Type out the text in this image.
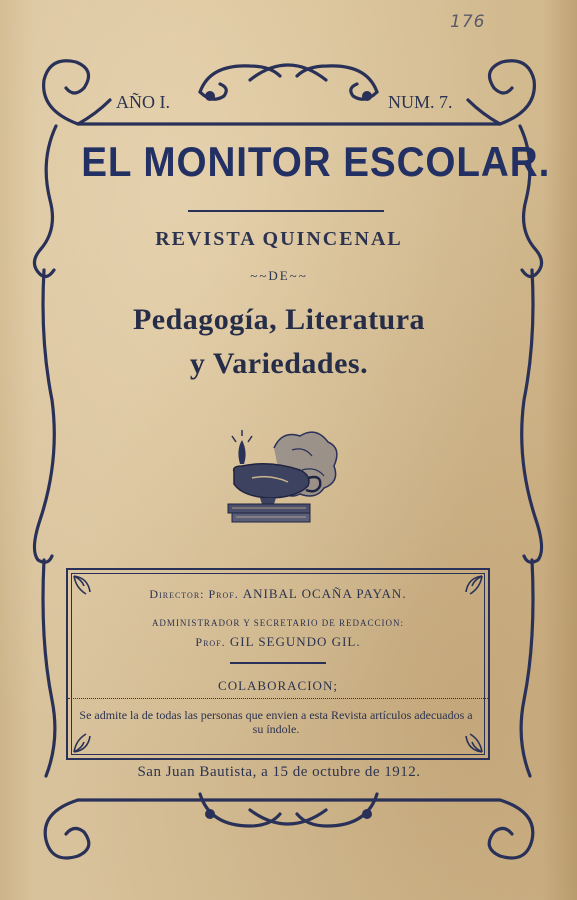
176
AÑO I.	NUM. 7.
EL MONITOR ESCOLAR.
REVISTA QUINCENAL
~~DE~~
Pedagogía, Literatura
y Variedades.
Director: Prof. ANIBAL OCAÑA PAYAN.
ADMINISTRADOR Y SECRETARIO DE REDACCION:
Prof. GIL SEGUNDO GIL.
COLABORACION;
Se admite la de todas las personas que envien a esta Revista artículos adecuados a su índole.
San Juan Bautista, a 15 de octubre de 1912.
